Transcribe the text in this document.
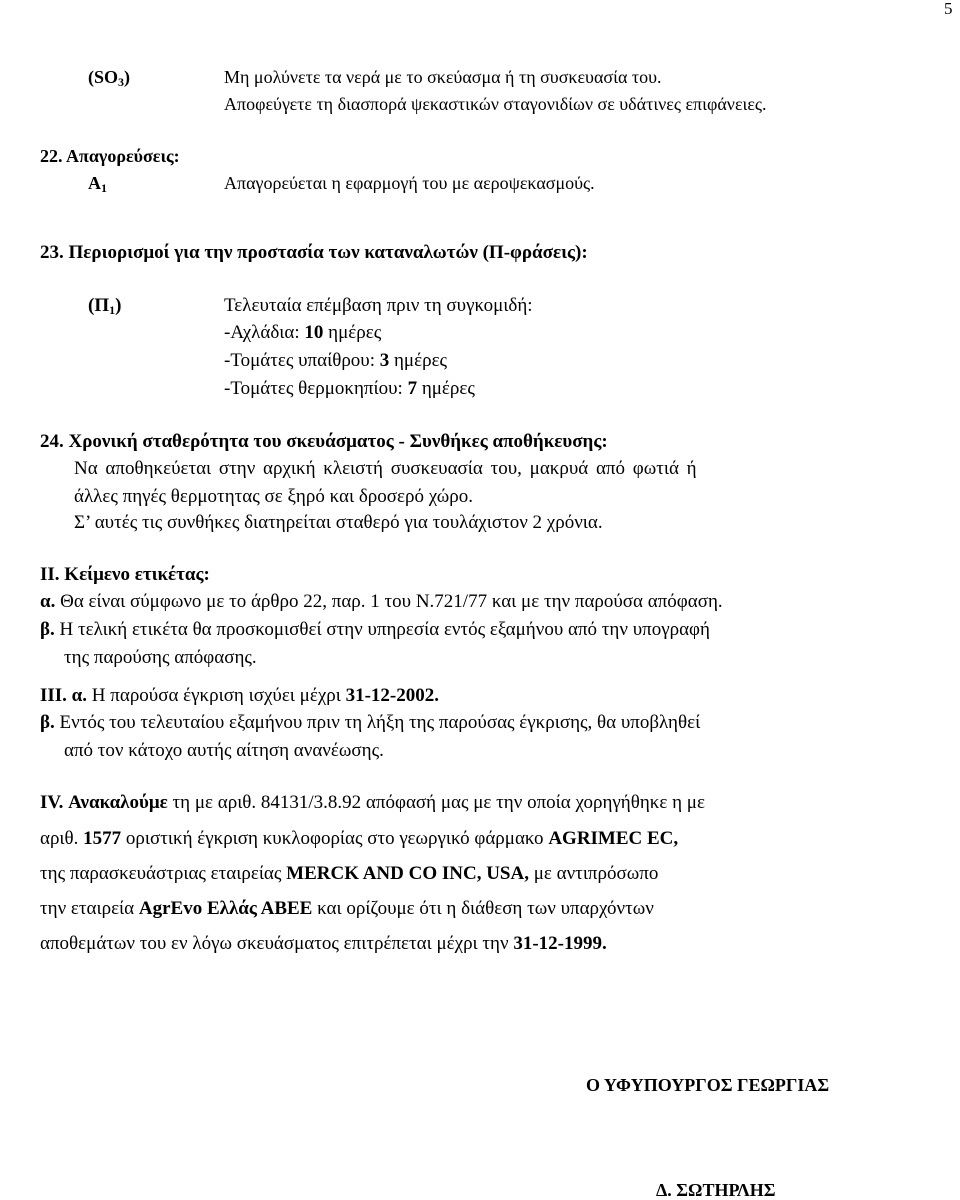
5
$(SO_3)$	Μη μολύνετε τα νερά με το σκεύασμα ή τη συσκευασία του.
Αποφεύγετε τη διασπορά ψεκαστικών σταγονιδίων σε υδάτινες επιφάνειες.
22. Απαγορεύσεις:
$A_1$	Απαγορεύεται η εφαρμογή του με αεροψεκασμούς.
23. Περιορισμοί για την προστασία των καταναλωτών (Π-φράσεις):
$(\Pi_1)$	Τελευταία επέμβαση πριν τη συγκομιδή:
-Αχλάδια: 10 ημέρες
-Τομάτες υπαίθρου: 3 ημέρες
-Τομάτες θερμοκηπίου: 7 ημέρες
24. Χρονική σταθερότητα του σκευάσματος - Συνθήκες αποθήκευσης:
Να αποθηκεύεται στην αρχική κλειστή συσκευασία του, μακρυά από φωτιά ή
άλλες πηγές θερμοτητας σε ξηρό και δροσερό χώρο.
Σ’ αυτές τις συνθήκες διατηρείται σταθερό για τουλάχιστον 2 χρόνια.
ΙΙ. Κείμενο ετικέτας:
α. Θα είναι σύμφωνο με το άρθρο 22, παρ. 1 του Ν.721/77 και με την παρούσα απόφαση.
β. Η τελική ετικέτα θα προσκομισθεί στην υπηρεσία εντός εξαμήνου από την υπογραφή
της παρούσης απόφασης.
ΙΙΙ. α. Η παρούσα έγκριση ισχύει μέχρι 31-12-2002.
β. Εντός του τελευταίου εξαμήνου πριν τη λήξη της παρούσας έγκρισης, θα υποβληθεί
από τον κάτοχο αυτής αίτηση ανανέωσης.
ΙV. Ανακαλούμε τη με αριθ. 84131/3.8.92 απόφασή μας με την οποία χορηγήθηκε η με
αριθ. 1577 οριστική έγκριση κυκλοφορίας στο γεωργικό φάρμακο AGRIMEC EC,
της παρασκευάστριας εταιρείας MERCK AND CO INC, USA, με αντιπρόσωπο
την εταιρεία AgrEvo Ελλάς ΑΒΕΕ και ορίζουμε ότι η διάθεση των υπαρχόντων
αποθεμάτων του εν λόγω σκευάσματος επιτρέπεται μέχρι την 31-12-1999.
Ο ΥΦΥΠΟΥΡΓΟΣ ΓΕΩΡΓΙΑΣ
Δ. ΣΩΤΗΡΛΗΣ
